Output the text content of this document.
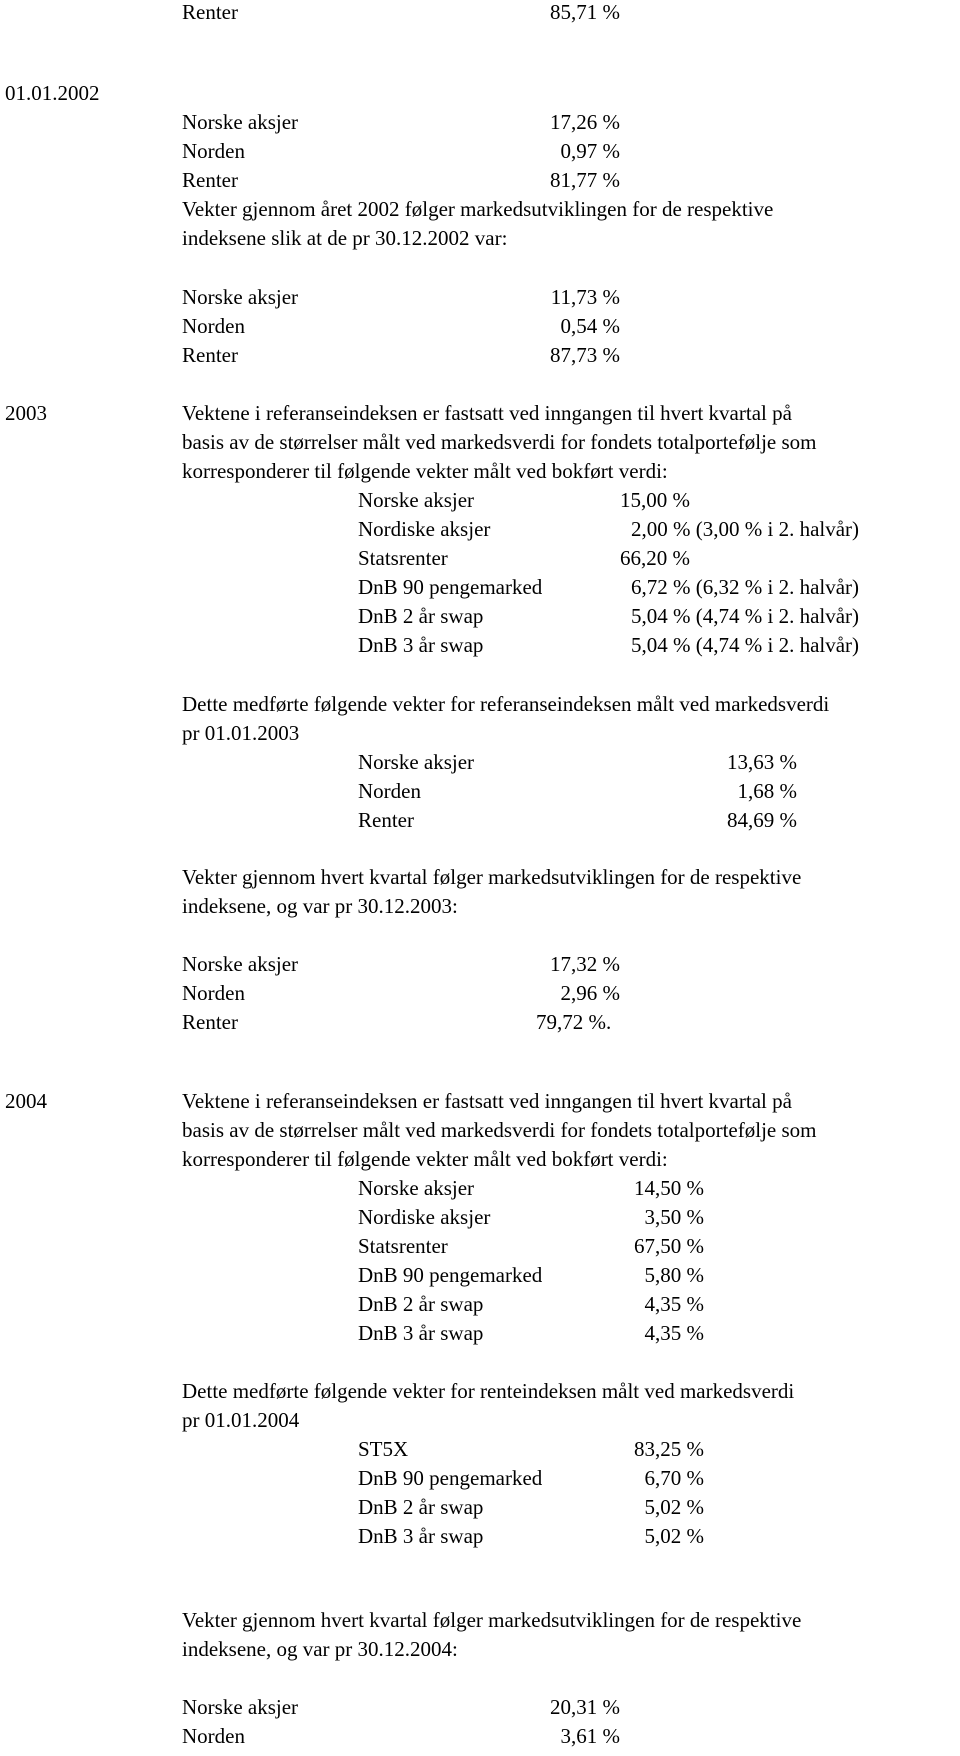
Renter	85,71 %

01.01.2002

Norske aksjer	17,26 %

Norden	0,97 %

Renter	81,77 %

Vekter gjennom året 2002 følger markedsutviklingen for de respektive

indeksene slik at de pr 30.12.2002 var:

Norske aksjer	11,73 %

Norden	0,54 %

Renter	87,73 %

2003	Vektene i referanseindeksen er fastsatt ved inngangen til hvert kvartal på

basis av de størrelser målt ved markedsverdi for fondets totalportefølje som

korresponderer til følgende vekter målt ved bokført verdi:

Norske aksjer	15,00 %

Nordiske aksjer	2,00 % (3,00 % i 2. halvår)

Statsrenter	66,20 %

DnB 90 pengemarked	6,72 % (6,32 % i 2. halvår)

DnB 2 år swap	5,04 % (4,74 % i 2. halvår)

DnB 3 år swap	5,04 % (4,74 % i 2. halvår)

Dette medførte følgende vekter for referanseindeksen målt ved markedsverdi

pr 01.01.2003

Norske aksjer	13,63 %

Norden	1,68 %

Renter	84,69 %

Vekter gjennom hvert kvartal følger markedsutviklingen for de respektive

indeksene, og var pr 30.12.2003:

Norske aksjer	17,32 %

Norden	2,96 %

Renter	79,72 %.

2004	Vektene i referanseindeksen er fastsatt ved inngangen til hvert kvartal på

basis av de størrelser målt ved markedsverdi for fondets totalportefølje som

korresponderer til følgende vekter målt ved bokført verdi:

Norske aksjer	14,50 %

Nordiske aksjer	3,50 %

Statsrenter	67,50 %

DnB 90 pengemarked	5,80 %

DnB 2 år swap	4,35 %

DnB 3 år swap	4,35 %

Dette medførte følgende vekter for renteindeksen målt ved markedsverdi

pr 01.01.2004

ST5X	83,25 %

DnB 90 pengemarked	6,70 %

DnB 2 år swap	5,02 %

DnB 3 år swap	5,02 %

Vekter gjennom hvert kvartal følger markedsutviklingen for de respektive

indeksene, og var pr 30.12.2004:

Norske aksjer	20,31 %

Norden	3,61 %
